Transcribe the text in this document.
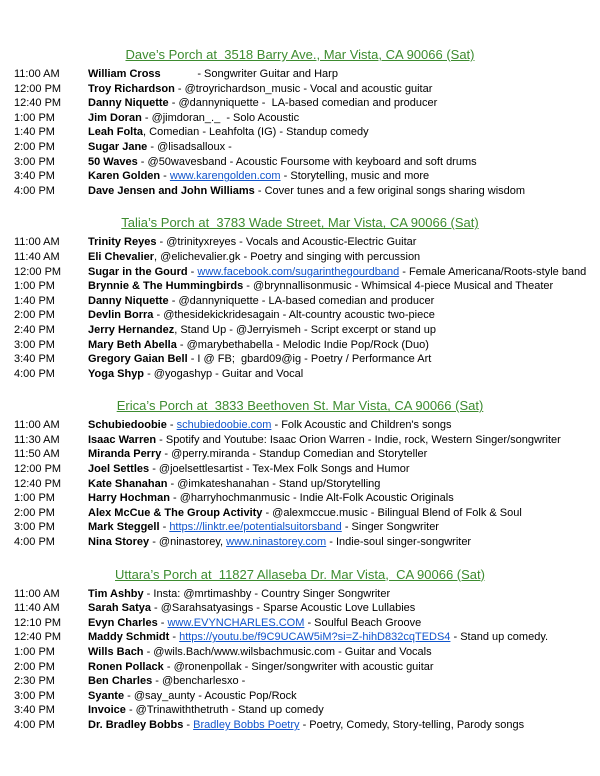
Dave’s Porch at  3518 Barry Ave., Mar Vista, CA 90066 (Sat)
11:00 AM	William Cross            - Songwriter Guitar and Harp
12:00 PM	Troy Richardson - @troyrichardson_music - Vocal and acoustic guitar
12:40 PM	Danny Niquette - @dannyniquette -  LA-based comedian and producer
1:00 PM	Jim Doran - @jimdoran_._  - Solo Acoustic
1:40 PM	Leah Folta, Comedian - Leahfolta (IG) - Standup comedy
2:00 PM	Sugar Jane - @lisadsalloux -
3:00 PM	50 Waves - @50wavesband - Acoustic Foursome with keyboard and soft drums
3:40 PM	Karen Golden - www.karengolden.com - Storytelling, music and more
4:00 PM	Dave Jensen and John Williams - Cover tunes and a few original songs sharing wisdom
Talia’s Porch at  3783 Wade Street, Mar Vista, CA 90066 (Sat)
11:00 AM	Trinity Reyes - @trinityxreyes - Vocals and Acoustic-Electric Guitar
11:40 AM	Eli Chevalier, @elichevalier.gk - Poetry and singing with percussion
12:00 PM	Sugar in the Gourd - www.facebook.com/sugarinthegourdband - Female Americana/Roots-style band
1:00 PM	Brynnie & The Hummingbirds - @brynnallisonmusic - Whimsical 4-piece Musical and Theater
1:40 PM	Danny Niquette - @dannyniquette - LA-based comedian and producer
2:00 PM	Devlin Borra - @thesidekickridesagain - Alt-country acoustic two-piece
2:40 PM	Jerry Hernandez, Stand Up - @Jerryismeh - Script excerpt or stand up
3:00 PM	Mary Beth Abella - @marybethabella - Melodic Indie Pop/Rock (Duo)
3:40 PM	Gregory Gaian Bell - I @ FB;  gbard09@ig - Poetry / Performance Art
4:00 PM	Yoga Shyp - @yogashyp - Guitar and Vocal
Erica’s Porch at  3833 Beethoven St. Mar Vista, CA 90066 (Sat)
11:00 AM	Schubiedoobie - schubiedoobie.com - Folk Acoustic and Children's songs
11:30 AM	Isaac Warren - Spotify and Youtube: Isaac Orion Warren - Indie, rock, Western Singer/songwriter
11:50 AM	Miranda Perry - @perry.miranda - Standup Comedian and Storyteller
12:00 PM	Joel Settles - @joelsettlesartist - Tex-Mex Folk Songs and Humor
12:40 PM	Kate Shanahan - @imkateshanahan - Stand up/Storytelling
1:00 PM	Harry Hochman - @harryhochmanmusic - Indie Alt-Folk Acoustic Originals
2:00 PM	Alex McCue & The Group Activity - @alexmccue.music - Bilingual Blend of Folk & Soul
3:00 PM	Mark Steggell - https://linktr.ee/potentialsuitorsband - Singer Songwriter
4:00 PM	Nina Storey - @ninastorey, www.ninastorey.com - Indie-soul singer-songwriter
Uttara’s Porch at  11827 Allaseba Dr. Mar Vista,  CA 90066 (Sat)
11:00 AM	Tim Ashby - Insta: @mrtimashby - Country Singer Songwriter
11:40 AM	Sarah Satya - @Sarahsatyasings - Sparse Acoustic Love Lullabies
12:10 PM	Evyn Charles - www.EVYNCHARLES.COM - Soulful Beach Groove
12:40 PM	Maddy Schmidt - https://youtu.be/f9C9UCAW5iM?si=Z-hihD832cqTEDS4 - Stand up comedy.
1:00 PM	Wills Bach - @wils.Bach/www.wilsbachmusic.com - Guitar and Vocals
2:00 PM	Ronen Pollack - @ronenpollak - Singer/songwriter with acoustic guitar
2:30 PM	Ben Charles - @bencharlesxo -
3:00 PM	Syante - @say_aunty - Acoustic Pop/Rock
3:40 PM	Invoice - @Trinawiththetruth - Stand up comedy
4:00 PM	Dr. Bradley Bobbs - Bradley Bobbs Poetry - Poetry, Comedy, Story-telling, Parody songs
